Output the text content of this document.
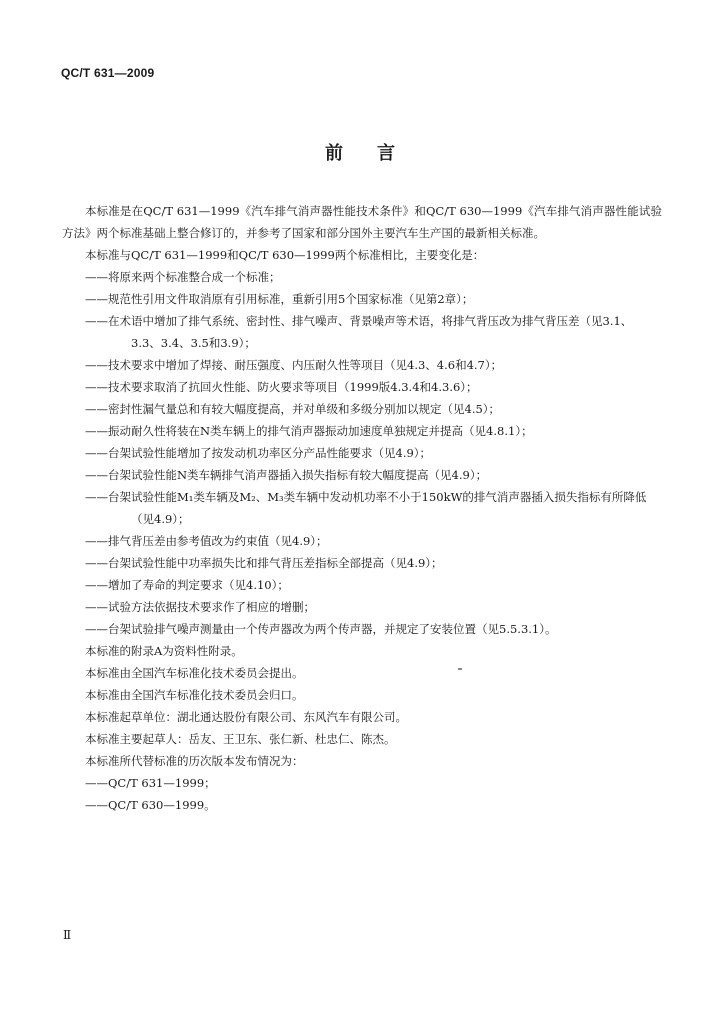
QC/T 631—2009
前言

本标准是在QC/T 631—1999《汽车排气消声器性能技术条件》和QC/T 630—1999《汽车排气消声器性能试验方法》两个标准基础上整合修订的，并参考了国家和部分国外主要汽车生产国的最新相关标准。

本标准与QC/T 631—1999和QC/T 630—1999两个标准相比，主要变化是：

——将原来两个标准整合成一个标准；

——规范性引用文件取消原有引用标准，重新引用5个国家标准（见第2章）；

——在术语中增加了排气系统、密封性、排气噪声、背景噪声等术语，将排气背压改为排气背压差（见3.1、3.3、3.4、3.5和3.9）；

——技术要求中增加了焊接、耐压强度、内压耐久性等项目（见4.3、4.6和4.7）；

——技术要求取消了抗回火性能、防火要求等项目（1999版4.3.4和4.3.6）；

——密封性漏气量总和有较大幅度提高，并对单级和多级分别加以规定（见4.5）；

——振动耐久性将装在N类车辆上的排气消声器振动加速度单独规定并提高（见4.8.1）；

——台架试验性能增加了按发动机功率区分产品性能要求（见4.9）；

——台架试验性能N类车辆排气消声器插入损失指标有较大幅度提高（见4.9）；

——台架试验性能M₁类车辆及M₂、M₃类车辆中发动机功率不小于150kW的排气消声器插入损失指标有所降低（见4.9）；

——排气背压差由参考值改为约束值（见4.9）；

——台架试验性能中功率损失比和排气背压差指标全部提高（见4.9）；

——增加了寿命的判定要求（见4.10）；

——试验方法依据技术要求作了相应的增删；

——台架试验排气噪声测量由一个传声器改为两个传声器，并规定了安装位置（见5.5.3.1）。

本标准的附录A为资料性附录。

本标准由全国汽车标准化技术委员会提出。

本标准由全国汽车标准化技术委员会归口。

本标准起草单位：湖北通达股份有限公司、东风汽车有限公司。

本标准主要起草人：岳友、王卫东、张仁新、杜忠仁、陈杰。

本标准所代替标准的历次版本发布情况为：

——QC/T 631—1999；

——QC/T 630—1999。

Ⅱ
